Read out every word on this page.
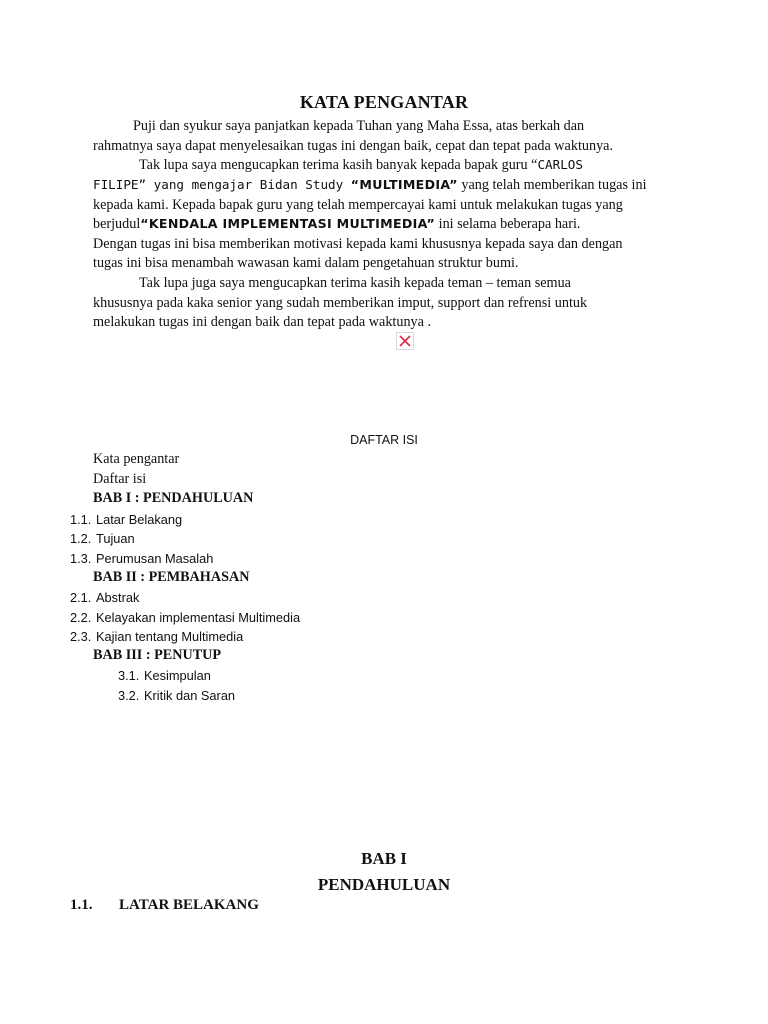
KATA PENGANTAR
Puji dan syukur saya panjatkan kepada Tuhan yang Maha Essa, atas berkah dan
rahmatnya saya dapat menyelesaikan tugas ini dengan baik, cepat dan tepat pada waktunya.
Tak lupa saya mengucapkan terima kasih banyak kepada bapak guru “CARLOS
FILIPE” yang mengajar Bidan Study “MULTIMEDIA” yang telah memberikan tugas ini
kepada kami. Kepada bapak guru yang telah mempercayai kami untuk melakukan tugas yang
berjudul“KENDALA IMPLEMENTASI MULTIMEDIA” ini selama beberapa hari.
Dengan tugas ini bisa memberikan motivasi kepada kami khususnya kepada saya dan dengan
tugas ini bisa menambah wawasan kami dalam pengetahuan struktur bumi.
Tak lupa juga saya mengucapkan terima kasih kepada teman – teman semua
khususnya pada kaka senior yang sudah memberikan imput, support dan refrensi untuk
melakukan tugas ini dengan baik dan tepat pada waktunya .
DAFTAR ISI
Kata pengantar
Daftar isi
BAB I : PENDAHULUAN
1.1. Latar Belakang
1.2. Tujuan
1.3. Perumusan Masalah
BAB II : PEMBAHASAN
2.1. Abstrak
2.2. Kelayakan implementasi Multimedia
2.3. Kajian tentang Multimedia
BAB III : PENUTUP
3.1. Kesimpulan
3.2. Kritik dan Saran
BAB I
PENDAHULUAN
1.1. LATAR BELAKANG
